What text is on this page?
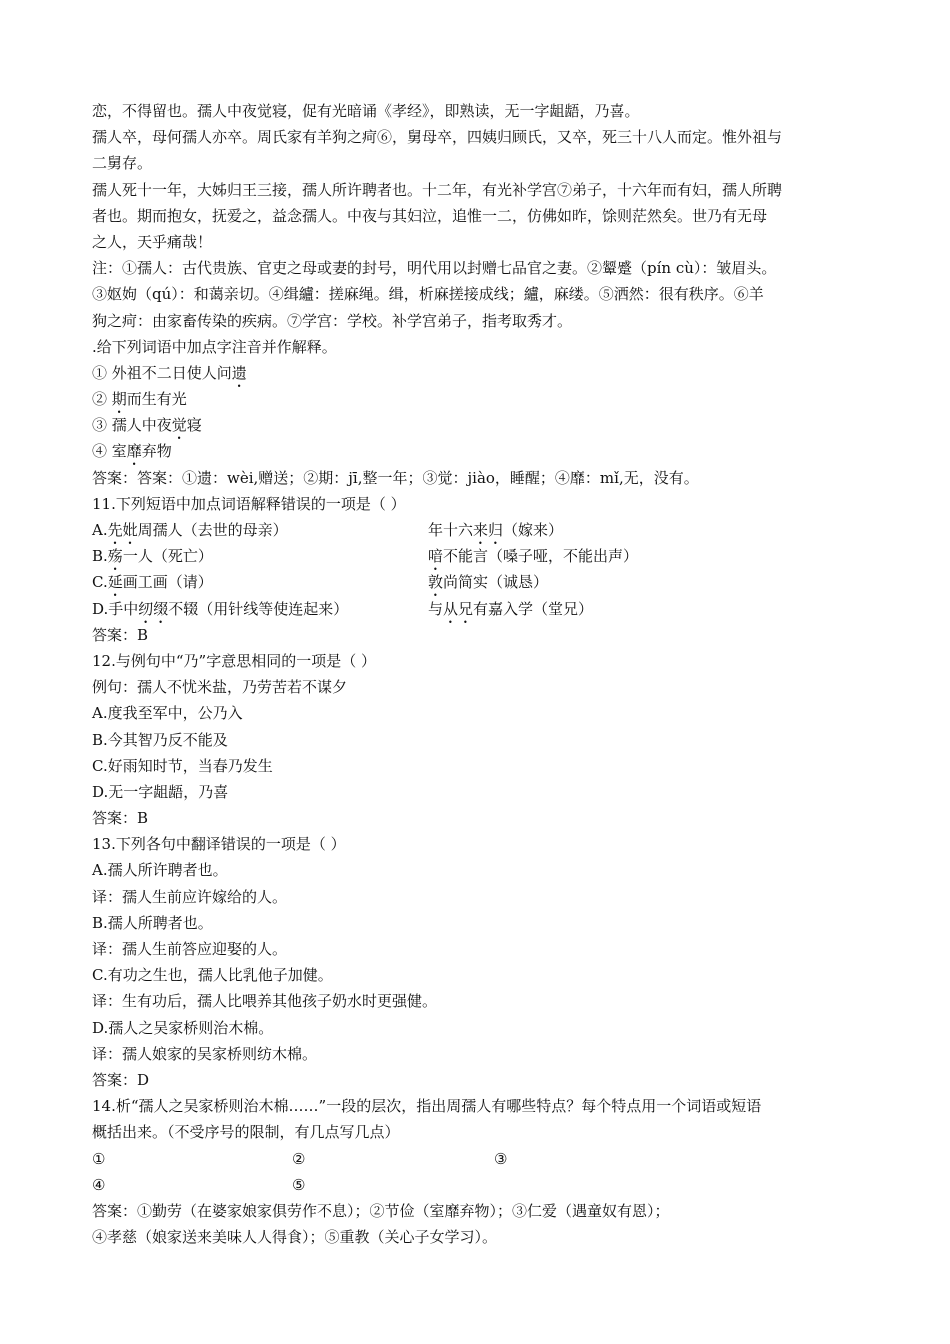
恋，不得留也。孺人中夜觉寝，促有光暗诵《孝经》，即熟读，无一字龃龉，乃喜。
孺人卒，母何孺人亦卒。周氏家有羊狗之疴⑥，舅母卒，四姨归顾氏，又卒，死三十八人而定。惟外祖与
二舅存。
孺人死十一年，大姊归王三接，孺人所许聘者也。十二年，有光补学宫⑦弟子，十六年而有妇，孺人所聘
者也。期而抱女，抚爱之，益念孺人。中夜与其妇泣，追惟一二，仿佛如昨，馀则茫然矣。世乃有无母
之人，天乎痛哉！
注：①孺人：古代贵族、官吏之母或妻的封号，明代用以封赠七品官之妻。②颦蹙（pín cù）：皱眉头。
③妪姁（qú）：和蔼亲切。④缉纑：搓麻绳。缉，析麻搓接成线；纑，麻缕。⑤洒然：很有秩序。⑥羊
狗之疴：由家畜传染的疾病。⑦学宫：学校。补学宫弟子，指考取秀才。
.给下列词语中加点字注音并作解释。
① 外祖不二日使人问遗
② 期而生有光
③ 孺人中夜觉寝
④ 室靡弃物
答案：答案：①遗：wèi,赠送；②期：jī,整一年；③觉：jiào，睡醒；④靡：mǐ,无，没有。
11.下列短语中加点词语解释错误的一项是（ ）
A.先妣周孺人（去世的母亲）	年十六来归（嫁来）
B.殇一人（死亡）	喑不能言（嗓子哑，不能出声）
C.延画工画（请）	敦尚简实（诚恳）
D.手中纫缀不辍（用针线等使连起来）	与从兄有嘉入学（堂兄）
答案：B
12.与例句中“乃”字意思相同的一项是（ ）
例句：孺人不忧米盐，乃劳苦若不谋夕
A.度我至军中，公乃入
B.今其智乃反不能及
C.好雨知时节，当春乃发生
D.无一字龃龉，乃喜
答案：B
13.下列各句中翻译错误的一项是（ ）
A.孺人所许聘者也。
译：孺人生前应许嫁给的人。
B.孺人所聘者也。
译：孺人生前答应迎娶的人。
C.有功之生也，孺人比乳他子加健。
译：生有功后，孺人比喂养其他孩子奶水时更强健。
D.孺人之吴家桥则治木棉。
译：孺人娘家的吴家桥则纺木棉。
答案：D
14.析“孺人之吴家桥则治木棉……”一段的层次，指出周孺人有哪些特点？每个特点用一个词语或短语
概括出来。（不受序号的限制，有几点写几点）
①	②	③
④	⑤
答案：①勤劳（在婆家娘家俱劳作不息）；②节俭（室靡弃物）；③仁爱（遇童奴有恩）；
④孝慈（娘家送来美味人人得食）；⑤重教（关心子女学习）。
